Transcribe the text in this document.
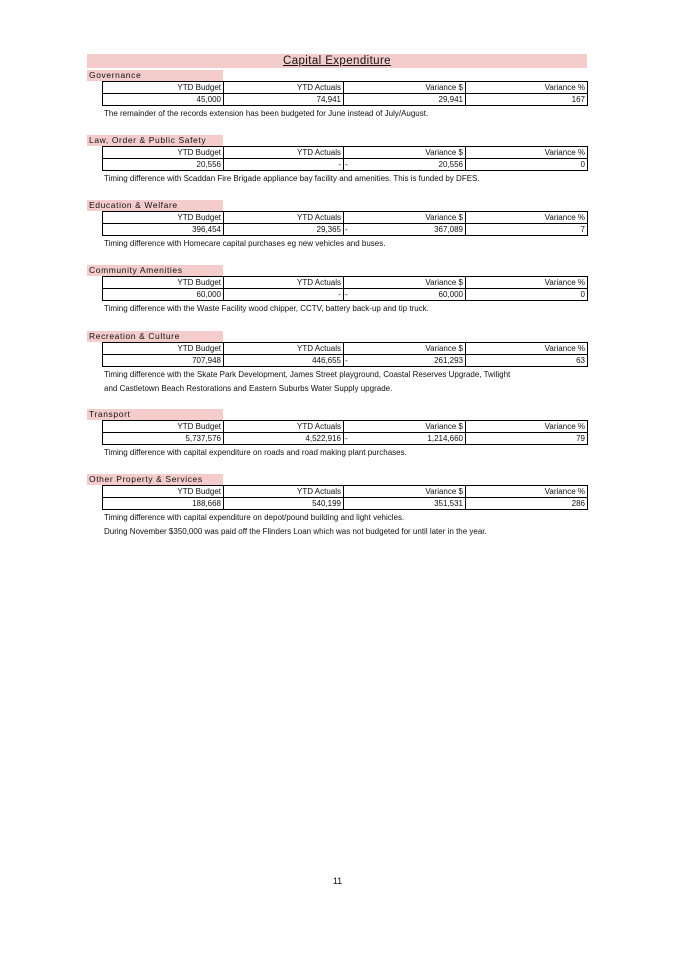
Capital Expenditure
Governance
YTD Budget	YTD Actuals	Variance $	Variance %
45,000	74,941	29,941	167
The remainder of the records extension has been budgeted for June instead of July/August.
Law, Order & Public Safety
YTD Budget	YTD Actuals	Variance $	Variance %
20,556	-	- 20,556	0
Timing difference with Scaddan Fire Brigade appliance bay facility and amenities. This is funded by DFES.
Education & Welfare
YTD Budget	YTD Actuals	Variance $	Variance %
396,454	29,365	- 367,089	7
Timing difference with Homecare capital purchases eg new vehicles and buses.
Community Amenities
YTD Budget	YTD Actuals	Variance $	Variance %
60,000	-	- 60,000	0
Timing difference with the Waste Facility wood chipper, CCTV, battery back-up and tip truck.
Recreation & Culture
YTD Budget	YTD Actuals	Variance $	Variance %
707,948	446,655	- 261,293	63
Timing difference with the Skate Park Development, James Street playground, Coastal Reserves Upgrade, Twilight
and Castletown Beach Restorations and Eastern Suburbs Water Supply upgrade.
Transport
YTD Budget	YTD Actuals	Variance $	Variance %
5,737,576	4,522,916	- 1,214,660	79
Timing difference with capital expenditure on roads and road making plant purchases.
Other Property & Services
YTD Budget	YTD Actuals	Variance $	Variance %
188,668	540,199	351,531	286
Timing difference with capital expenditure on depot/pound building and light vehicles.
During November $350,000 was paid off the Flinders Loan which was not budgeted for until later in the year.
11
